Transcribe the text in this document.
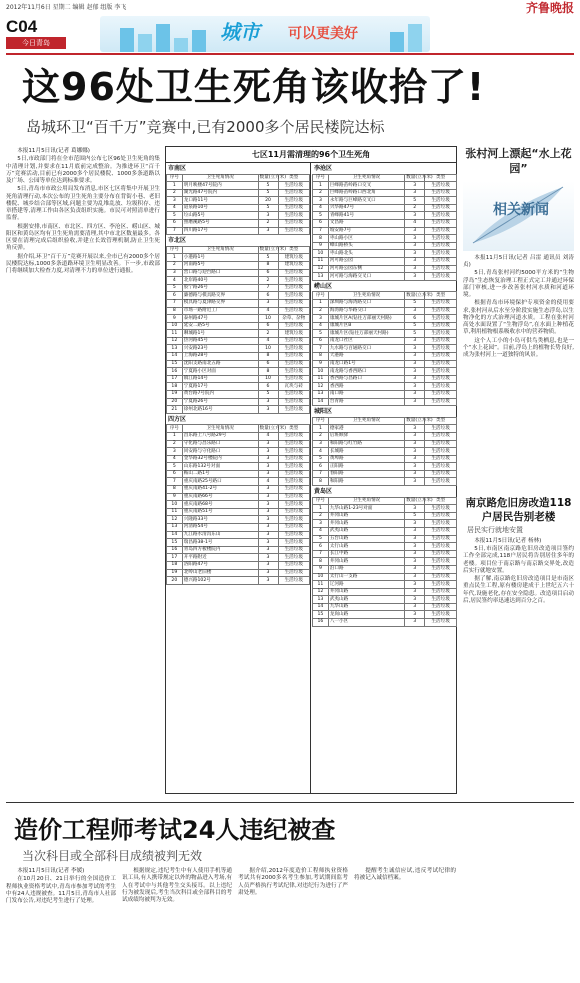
2012年11月6日 星期二 编辑 赵郁 组版 李飞	齐鲁晚报
C04
今日青岛	城市 可以更美好
这96处卫生死角该收拾了!
岛城环卫“百千万”竞赛中,已有2000多个居民楼院达标

本报11月5日讯(记者 葛娜娜)

5日,市政部门将在全市范围内公布七区96处卫生死角的集中清理计划,并要求在11月底前完成整治。为推进环卫“百千万”竞赛活动,目前已有2000多个居民楼院、1000多条道路以及广场、公园等单位达到标准要求。

5日,青岛市市政公用局发布消息,市区七区将集中开展卫生死角清理行动,本次公布的卫生死角主要分布在背街小巷、老旧楼院、城乡结合部等区域,问题主要为乱堆乱放、垃圾积存、违章搭建等,清理工作由各区负责组织实施。市民可对照清单进行监督。

根据安排,市南区、市北区、四方区、李沧区、崂山区、城阳区和黄岛区均有卫生死角需要清理,其中市北区数量最多。各区要在清理完成后组织验收,并建立长效管理机制,防止卫生死角反弹。

据介绍,环卫“百千万”竞赛开展以来,全市已有2000多个居民楼院达标,1000多条道路环境卫生明显改善。下一步,市政部门将继续加大检查力度,对清理不力的单位进行通报。

七区11月需清理的96个卫生死角
市南区
序号	卫生死角情况	数量(立方米)	类型
1	明月映楼47号院内	5	生活垃圾
2	湖光路47号院内	5	生活垃圾
3	龙口路11号	20	生活垃圾
4	道泉路10号	5	生活垃圾
5	垃山路5号	3	生活垃圾
6	照磨溪路5号	2	生活垃圾
7	四川路17号	3	生活垃圾
市北区
序号	卫生死角情况	数量(立方米)	类型
1	小港路1号	5	建筑垃圾
2	河南路5号	8	建筑垃圾
3	营口路与迎台路口	6	生活垃圾
4	北岸路40号	2	生活垃圾
5	胶宁路26号	7	生活垃圾
6	廉德路与模具路交界	6	生活垃圾
7	模具路与夏津路交界	3	生活垃圾
8	市场一路附近工厂	4	生活垃圾
9	泰州路47号	10	杂草、杂物
10	延安二路5号	6	生活垃圾
11	聊城路1号	2	建筑垃圾
12	热河路45号	4	生活垃圾
13	兴安路23号	10	生活垃圾
14	上海路28号	8	生活垃圾
15	沈阳支路南北五路	6	生活垃圾
16	宁夏路小区对面	8	生活垃圾
17	镇江路14号	10	生活垃圾
18	宁夏路17号	6	瓦块与砖
19	黄台路7号院内	5	生活垃圾
20	宁夏路26号	3	生活垃圾
21	徐州北路16号	3	生活垃圾
四方区
序号	卫生死角情况	数量(立方米)	类型
1	昌乐路上八号路29号	4	生活垃圾
2	守化路与昌乐路口	3	生活垃圾
3	同安路与守化路口	3	生活垃圾
4	金华路32号楼院内	3	生活垃圾
5	山东路132号对面	3	生活垃圾
6	鞍山二路1号	3	生活垃圾
7	重庆南路25号路口	4	生活垃圾
8	重庆南路41-2号	3	生活垃圾
9	重庆南路66号	3	生活垃圾
10	重庆南路68号	3	生活垃圾
11	重庆南路51号	3	生活垃圾
12	兴隆路33号	3	生活垃圾
13	河清路54号	3	生活垃圾
14	九江路水清沟东山	3	生活垃圾
15	瑞昌路38-1号	3	生活垃圾
16	青岛四方板楼院内	3	生活垃圾
17	开平路附近	3	生活垃圾
18	洛阳路47号	3	生活垃圾
19	北岭山老旧楼	3	生活垃圾
20	德兴路102号	3	生活垃圾
李沧区
序号	卫生死角情况	数量(立方米)	类型
1	巨峰路苗岭路口交叉	3	生活垃圾
2	巨峰路苗岭路口西北角	3	生活垃圾
3	永年路与巨峰路交叉口	5	生活垃圾
4	兴华路47号	2	生活垃圾
5	青峰路41号	3	生活垃圾
6	文昌路	4	生活垃圾
7	坡安路7号	3	生活垃圾
8	枣山路小区	3	生活垃圾
9	峰山路桥头	3	生活垃圾
10	枣山路北头	3	生活垃圾
11	河可路公园	3	生活垃圾
12	河可路公园东侧	3	生活垃圾
13	河可路与海路交叉口	3	生活垃圾
崂山区
序号	卫生死角情况	数量(立方米)	类型
1	深圳路与海湾路交口	5	生活垃圾
2	海湾路与华路交口	3	生活垃圾
3	康城片区A(钻往万部丽天村路)	6	生活垃圾
4	康城片区B	5	生活垃圾
5	康城片区(钻往万部丽天村路)	5	生活垃圾
6	南龙口社区	3	生活垃圾
7	九水路与百通路交口	3	生活垃圾
8	天港路	3	生活垃圾
9	南龙口路1号	3	生活垃圾
10	南龙路与香西路口	3	生活垃圾
11	香西路与昌路口	3	生活垃圾
12	香西路	3	生活垃圾
13	南口路	3	生活垃圾
14	台青路	3	生活垃圾
城阳区
序号	卫生死角情况	数量(立方米)	类型
1	德家港	3	生活垃圾
2	后班顾驿	3	生活垃圾
3	和阳路与红竹路	3	生活垃圾
4	长城路	3	生活垃圾
5	黄埠路	3	生活垃圾
6	正阳路	3	生活垃圾
7	春阳路	3	生活垃圾
8	和阳路	3	生活垃圾
黄岛区
序号	卫生死角情况	数量(立方米)	类型
1	九华山路1-23号对面	3	生活垃圾
2	井冈山路	5	生活垃圾
3	井冈山路	3	生活垃圾
4	武夷山路	3	生活垃圾
5	五台山路	3	生活垃圾
6	太行山路	3	生活垃圾
7	长江中路	3	生活垃圾
8	井冈山路	3	生活垃圾
9	泊口路	3	生活垃圾
10	太行山一支路	3	生活垃圾
11	辽河路	3	生活垃圾
12	井冈山路	3	生活垃圾
13	武夷山路	3	生活垃圾
14	九华山路	3	生活垃圾
15	龙岗山路	3	生活垃圾
16	八一小区	3	生活垃圾
张村河上漂起“水上花园”
相关新闻

本报11月5日讯(记者 吕雷 通讯员 刘涛贞)

5日,青岛张村河约5000平方米的“生物浮岛”生态恢复治理工程正式完工并通过环保部门审核,进一步改善张村河水质和河道环境。

根据青岛市环境保护专项资金的使用要求,张村河从后水至分阶段实施生态浮岛,以生物净化的方式治理河道水质。工程在张村河高处水面设置了“生物浮岛”,在水面上种植花草,利用植物根系吸收水中的营养物质。

这个人工小的小岛可供鸟类栖息,也是一个“水上花园”。目前,浮岛上的植物长势良好,成为张村河上一道独特的风景。

南京路危旧房改造118户居民告别老楼
居民实行就地安置

本报11月5日讯(记者 杨林)

5日,市南区南京路危旧房改造项目签约工作全部完成,118户居民将告别居住多年的老楼。项目位于南京路与南京路交界处,改造后实行就地安置。

据了解,南京路危旧房改造项目是市南区重点民生工程,原有楼房建成于上世纪五六十年代,设施老化,存在安全隐患。改造项目启动后,居民签约率迅速达到百分之百。

造价工程师考试24人违纪被查
当次科目或全部科目成绩被判无效

本报11月5日讯(记者 李媛)

在10月20日、21日举行的全国造价工程师执业资格考试中,青岛市参加考试的考生中有24人违规被查。11月5日,青岛市人社部门发布公告,对违纪考生进行了处理。

根据规定,违纪考生中有人使用手机等通讯工具,有人携带规定以外的物品进入考场,有人在考试中与其他考生交头接耳。以上违纪行为被发现后,考生当次科目或全部科目的考试成绩均被判为无效。

据介绍,2012年度造价工程师执业资格考试共有2000多名考生参加,考试期间监考人员严格执行考试纪律,对违纪行为进行了严肃处理。

提醒考生诚信应试,违反考试纪律的将被记入诚信档案。
